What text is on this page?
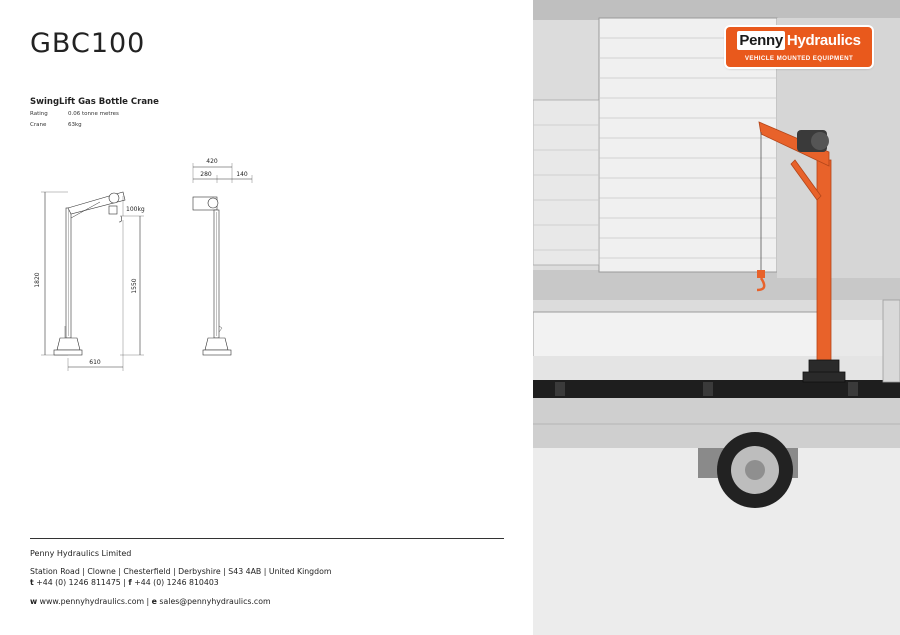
GBC100
SwingLift Gas Bottle Crane
Rating	0.06 tonne metres
Crane	63kg
1820	1550
100kg
610
420
280	140
Penny Hydraulics Limited
Station Road | Clowne | Chesterfield | Derbyshire | S43 4AB | United Kingdom
t +44 (0) 1246 811475 | f +44 (0) 1246 810403
w www.pennyhydraulics.com | e sales@pennyhydraulics.com
Penny Hydraulics
VEHICLE MOUNTED EQUIPMENT
